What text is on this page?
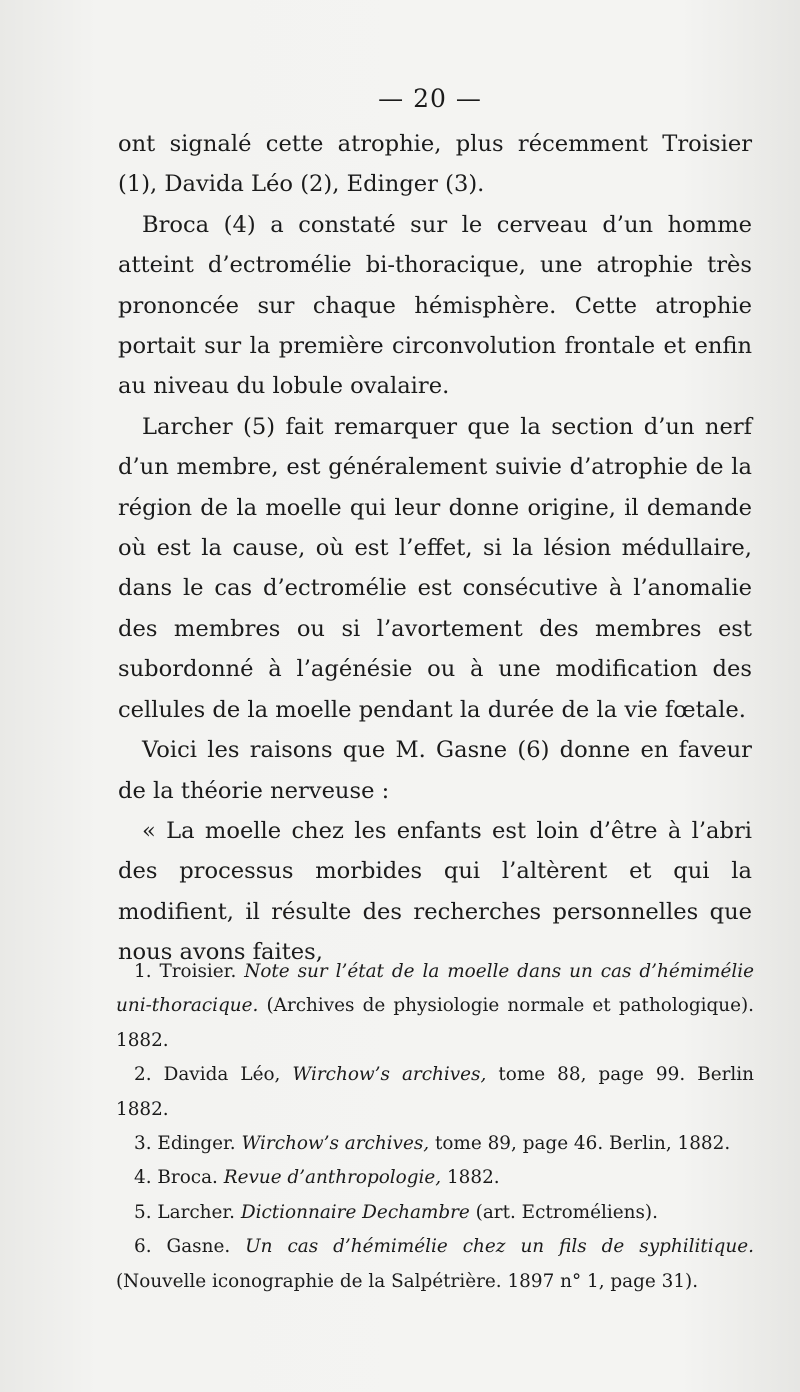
— 20 —

ont signalé cette atrophie, plus récemment Troisier (1), Davida Léo (2), Edinger (3).

Broca (4) a constaté sur le cerveau d’un homme atteint d’ectromélie bi-thoracique, une atrophie très prononcée sur chaque hémisphère. Cette atrophie portait sur la première circonvolution frontale et enfin au niveau du lobule ovalaire.

Larcher (5) fait remarquer que la section d’un nerf d’un membre, est généralement suivie d’atrophie de la région de la moelle qui leur donne origine, il demande où est la cause, où est l’effet, si la lésion médullaire, dans le cas d’ectromélie est consécutive à l’anomalie des membres ou si l’avortement des membres est subordonné à l’agénésie ou à une modification des cellules de la moelle pendant la durée de la vie fœtale.

Voici les raisons que M. Gasne (6) donne en faveur de la théorie nerveuse :

« La moelle chez les enfants est loin d’être à l’abri des processus morbides qui l’altèrent et qui la modifient, il résulte des recherches personnelles que nous avons faites,

1. Troisier. Note sur l’état de la moelle dans un cas d’hémimélie uni-thoracique. (Archives de physiologie normale et pathologique). 1882.

2. Davida Léo, Wirchow’s archives, tome 88, page 99. Berlin 1882.

3. Edinger. Wirchow’s archives, tome 89, page 46. Berlin, 1882.

4. Broca. Revue d’anthropologie, 1882.

5. Larcher. Dictionnaire Dechambre (art. Ectroméliens).

6. Gasne. Un cas d’hémimélie chez un fils de syphilitique. (Nouvelle iconographie de la Salpétrière. 1897 n° 1, page 31).
